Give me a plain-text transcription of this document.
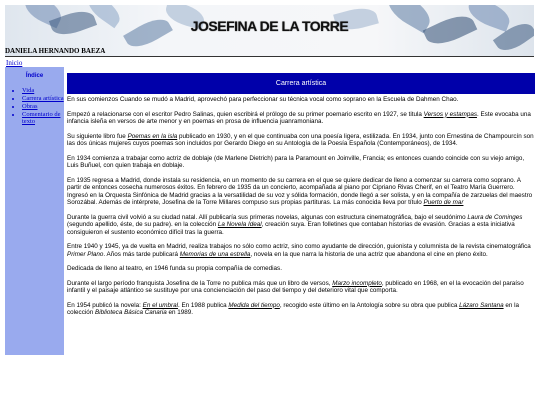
JOSEFINA DE LA TORRE
DANIELA HERNANDO BAEZA
Inicio
Índice
• Vida
• Carrera artística
• Obras
• Comentario de texto
Carrera artística

En sus comienzos Cuando se mudó a Madrid, aprovechó para perfeccionar su técnica vocal como soprano en la Escuela de Dahmen Chao.

Empezó a relacionarse con el escritor Pedro Salinas, quien escribirá el prólogo de su primer poemario escrito en 1927, se titula Versos y estampas. Este evocaba una infancia isleña en versos de arte menor y en poemas en prosa de influencia juanramoniana.

Su siguiente libro fue Poemas en la isla publicado en 1930, y en el que continuaba con una poesía ligera, estilizada. En 1934, junto con Ernestina de Champourcín son las dos únicas mujeres cuyos poemas son incluidos por Gerardo Diego en su Antología de la Poesía Española (Contemporáneos), de 1934.

En 1934 comienza a trabajar como actriz de doblaje (de Marlene Dietrich) para la Paramount en Joinville, Francia; es entonces cuando coincide con su viejo amigo, Luis Buñuel, con quien trabaja en doblaje.

En 1935 regresa a Madrid, donde instala su residencia, en un momento de su carrera en el que se quiere dedicar de lleno a comenzar su carrera como soprano. A partir de entonces cosecha numerosos éxitos. En febrero de 1935 da un concierto, acompañada al piano por Cipriano Rivas Cherif, en el Teatro María Guerrero.
Ingresó en la Orquesta Sinfónica de Madrid gracias a la versatilidad de su voz y sólida formación, donde llegó a ser solista, y en la compañía de zarzuelas del maestro Sorozábal. Además de intérprete, Josefina de la Torre Millares compuso sus propias partituras. La más conocida lleva por título Puerto de mar

Durante la guerra civil volvió a su ciudad natal. Allí publicaría sus primeras novelas, algunas con estructura cinematográfica, bajo el seudónimo Laura de Cominges (segundo apellido, éste, de su padre). en la colección La Novela Ideal, creación suya. Eran folletines que contaban historias de evasión. Gracias a esta iniciativa consiguieron el sustento económico difícil tras la guerra.

Entre 1940 y 1945, ya de vuelta en Madrid, realiza trabajos no sólo como actriz, sino como ayudante de dirección, guionista y columnista de la revista cinematográfica Primer Plano. Años más tarde publicará Memorias de una estrella, novela en la que narra la historia de una actriz que abandona el cine en pleno éxito.

Dedicada de lleno al teatro, en 1946 funda su propia compañía de comedias.

Durante el largo período franquista Josefina de la Torre no publica más que un libro de versos, Marzo incompleto, publicado en 1968, en el la evocación del paraíso infantil y el paisaje atlántico se sustituye por una concienciación del paso del tiempo y del deterioro vital que comporta.

En 1954 publicó la novela: En el umbral. En 1988 publica Medida del tiempo, recogido este último en la Antología sobre su obra que publica Lázaro Santana en la colección Biblioteca Básica Canaria en 1989.
